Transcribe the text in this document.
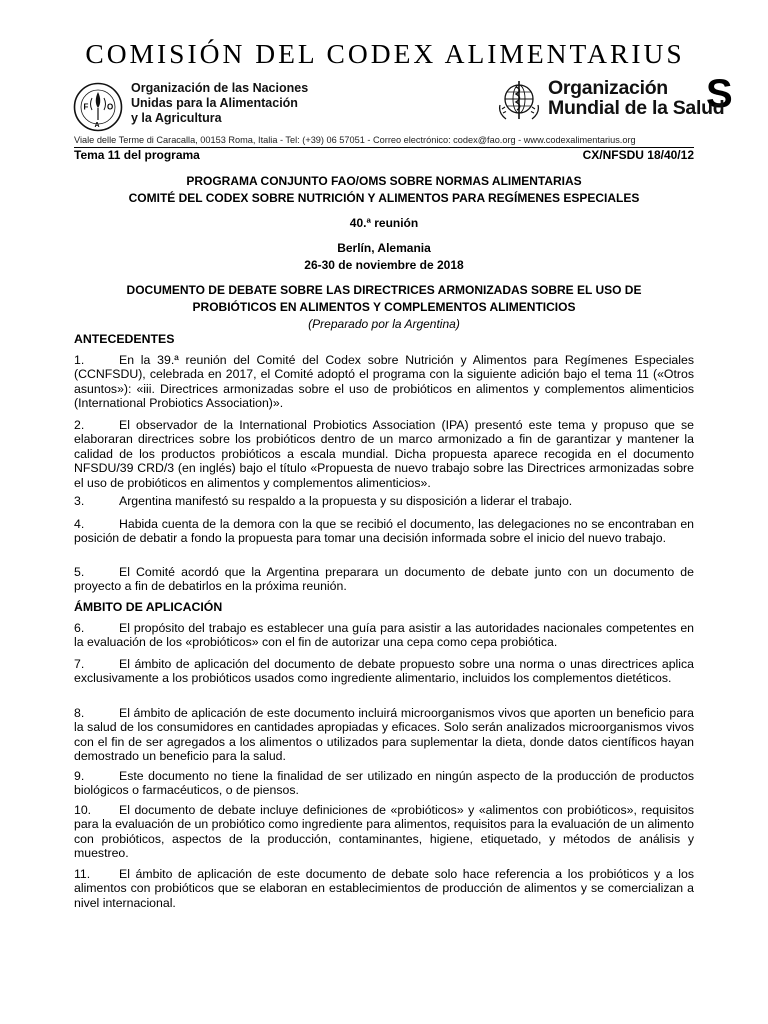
COMISIÓN DEL CODEX ALIMENTARIUS
S
F
A
O
Organización de las Naciones
Unidas para la Alimentación
y la Agricultura
Organización
Mundial de la Salud
Viale delle Terme di Caracalla, 00153 Roma, Italia - Tel: (+39) 06 57051 - Correo electrónico: codex@fao.org - www.codexalimentarius.org
Tema 11 del programa	CX/NFSDU 18/40/12
PROGRAMA CONJUNTO FAO/OMS SOBRE NORMAS ALIMENTARIAS
COMITÉ DEL CODEX SOBRE NUTRICIÓN Y ALIMENTOS PARA REGÍMENES ESPECIALES
40.ª reunión
Berlín, Alemania
26-30 de noviembre de 2018
DOCUMENTO DE DEBATE SOBRE LAS DIRECTRICES ARMONIZADAS SOBRE EL USO DE
PROBIÓTICOS EN ALIMENTOS Y COMPLEMENTOS ALIMENTICIOS
(Preparado por la Argentina)
ANTECEDENTES
1.	En la 39.ª reunión del Comité del Codex sobre Nutrición y Alimentos para Regímenes Especiales (CCNFSDU), celebrada en 2017, el Comité adoptó el programa con la siguiente adición bajo el tema 11 («Otros asuntos»): «iii. Directrices armonizadas sobre el uso de probióticos en alimentos y complementos alimenticios (International Probiotics Association)».
2.	El observador de la International Probiotics Association (IPA) presentó este tema y propuso que se elaboraran directrices sobre los probióticos dentro de un marco armonizado a fin de garantizar y mantener la calidad de los productos probióticos a escala mundial. Dicha propuesta aparece recogida en el documento NFSDU/39 CRD/3 (en inglés) bajo el título «Propuesta de nuevo trabajo sobre las Directrices armonizadas sobre el uso de probióticos en alimentos y complementos alimenticios».
3.	Argentina manifestó su respaldo a la propuesta y su disposición a liderar el trabajo.
4.	Habida cuenta de la demora con la que se recibió el documento, las delegaciones no se encontraban en posición de debatir a fondo la propuesta para tomar una decisión informada sobre el inicio del nuevo trabajo.
5.	El Comité acordó que la Argentina preparara un documento de debate junto con un documento de proyecto a fin de debatirlos en la próxima reunión.
ÁMBITO DE APLICACIÓN
6.	El propósito del trabajo es establecer una guía para asistir a las autoridades nacionales competentes en la evaluación de los «probióticos» con el fin de autorizar una cepa como cepa probiótica.
7.	El ámbito de aplicación del documento de debate propuesto sobre una norma o unas directrices aplica exclusivamente a los probióticos usados como ingrediente alimentario, incluidos los complementos dietéticos.
8.	El ámbito de aplicación de este documento incluirá microorganismos vivos que aporten un beneficio para la salud de los consumidores en cantidades apropiadas y eficaces. Solo serán analizados microorganismos vivos con el fin de ser agregados a los alimentos o utilizados para suplementar la dieta, donde datos científicos hayan demostrado un beneficio para la salud.
9.	Este documento no tiene la finalidad de ser utilizado en ningún aspecto de la producción de productos biológicos o farmacéuticos, o de piensos.
10. El documento de debate incluye definiciones de «probióticos» y «alimentos con probióticos», requisitos para la evaluación de un probiótico como ingrediente para alimentos, requisitos para la evaluación de un alimento con probióticos, aspectos de la producción, contaminantes, higiene, etiquetado, y métodos de análisis y muestreo.
11. El ámbito de aplicación de este documento de debate solo hace referencia a los probióticos y a los alimentos con probióticos que se elaboran en establecimientos de producción de alimentos y se comercializan a nivel internacional.
